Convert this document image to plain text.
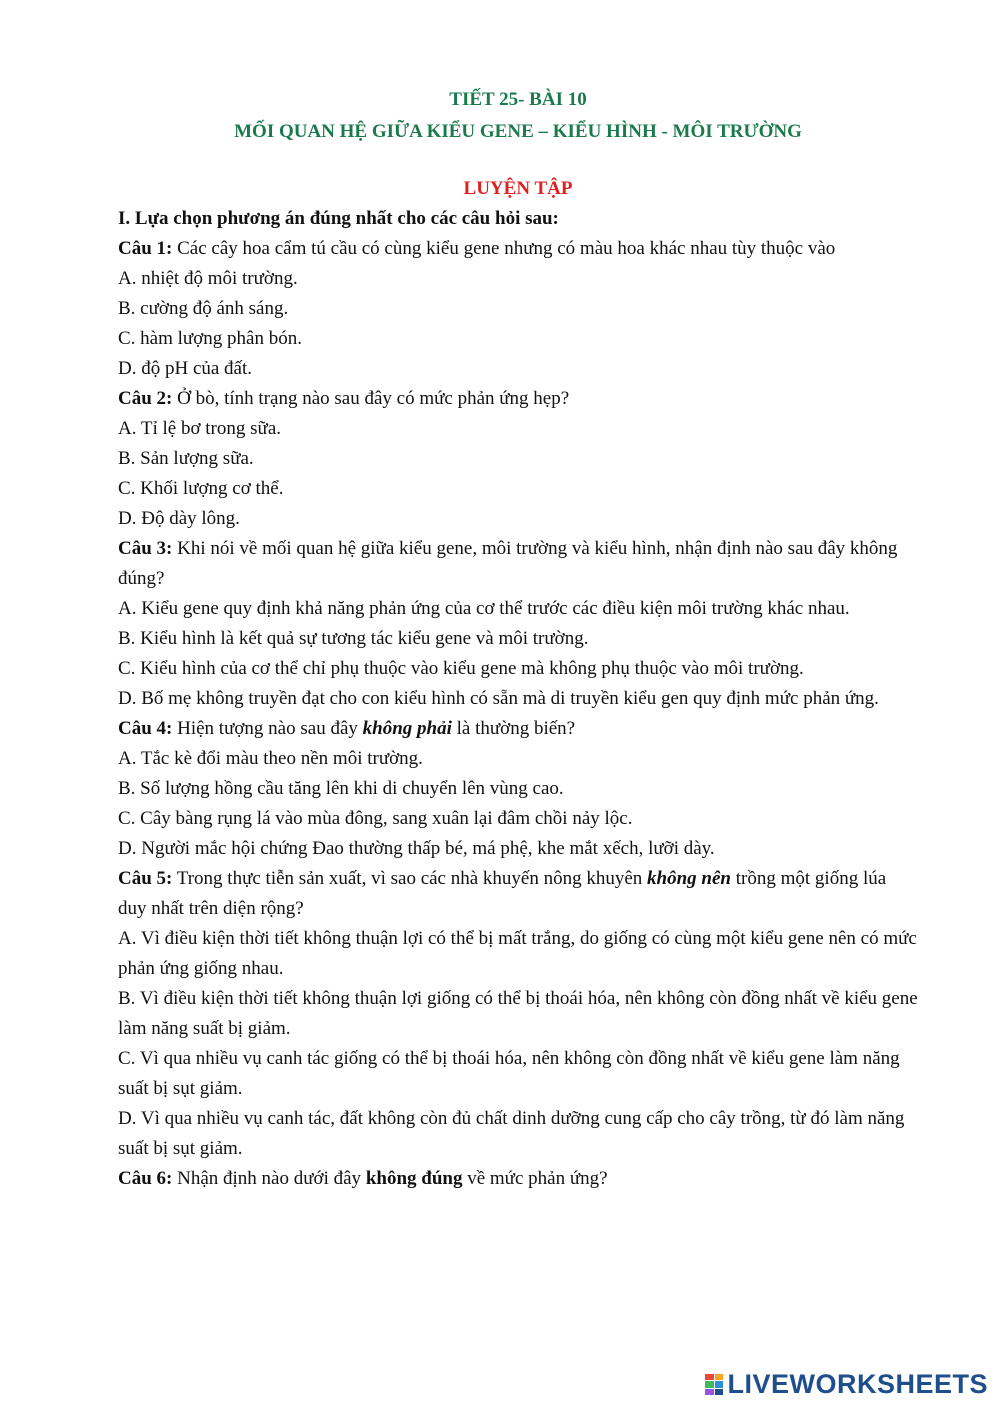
TIẾT 25- BÀI 10
MỐI QUAN HỆ GIỮA KIỂU GENE – KIỂU HÌNH - MÔI TRƯỜNG
LUYỆN TẬP
I. Lựa chọn phương án đúng nhất cho các câu hỏi sau:
Câu 1: Các cây hoa cẩm tú cầu có cùng kiểu gene nhưng có màu hoa khác nhau tùy thuộc vào
A. nhiệt độ môi trường.
B. cường độ ánh sáng.
C. hàm lượng phân bón.
D. độ pH của đất.
Câu 2: Ở bò, tính trạng nào sau đây có mức phản ứng hẹp?
A. Tỉ lệ bơ trong sữa.
B. Sản lượng sữa.
C. Khối lượng cơ thể.
D. Độ dày lông.
Câu 3: Khi nói về mối quan hệ giữa kiểu gene, môi trường và kiểu hình, nhận định nào sau đây không đúng?
A. Kiểu gene quy định khả năng phản ứng của cơ thể trước các điều kiện môi trường khác nhau.
B. Kiểu hình là kết quả sự tương tác kiểu gene và môi trường.
C. Kiểu hình của cơ thể chỉ phụ thuộc vào kiểu gene mà không phụ thuộc vào môi trường.
D. Bố mẹ không truyền đạt cho con kiểu hình có sẵn mà di truyền kiểu gen quy định mức phản ứng.
Câu 4: Hiện tượng nào sau đây không phải là thường biến?
A. Tắc kè đổi màu theo nền môi trường.
B. Số lượng hồng cầu tăng lên khi di chuyển lên vùng cao.
C. Cây bàng rụng lá vào mùa đông, sang xuân lại đâm chồi nảy lộc.
D. Người mắc hội chứng Đao thường thấp bé, má phệ, khe mắt xếch, lưỡi dày.
Câu 5: Trong thực tiễn sản xuất, vì sao các nhà khuyến nông khuyên không nên trồng một giống lúa duy nhất trên diện rộng?
A. Vì điều kiện thời tiết không thuận lợi có thể bị mất trắng, do giống có cùng một kiểu gene nên có mức phản ứng giống nhau.
B. Vì điều kiện thời tiết không thuận lợi giống có thể bị thoái hóa, nên không còn đồng nhất về kiểu gene làm năng suất bị giảm.
C. Vì qua nhiều vụ canh tác giống có thể bị thoái hóa, nên không còn đồng nhất về kiểu gene làm năng suất bị sụt giảm.
D. Vì qua nhiều vụ canh tác, đất không còn đủ chất dinh dưỡng cung cấp cho cây trồng, từ đó làm năng suất bị sụt giảm.
Câu 6: Nhận định nào dưới đây không đúng về mức phản ứng?
LIVEWORKSHEETS
